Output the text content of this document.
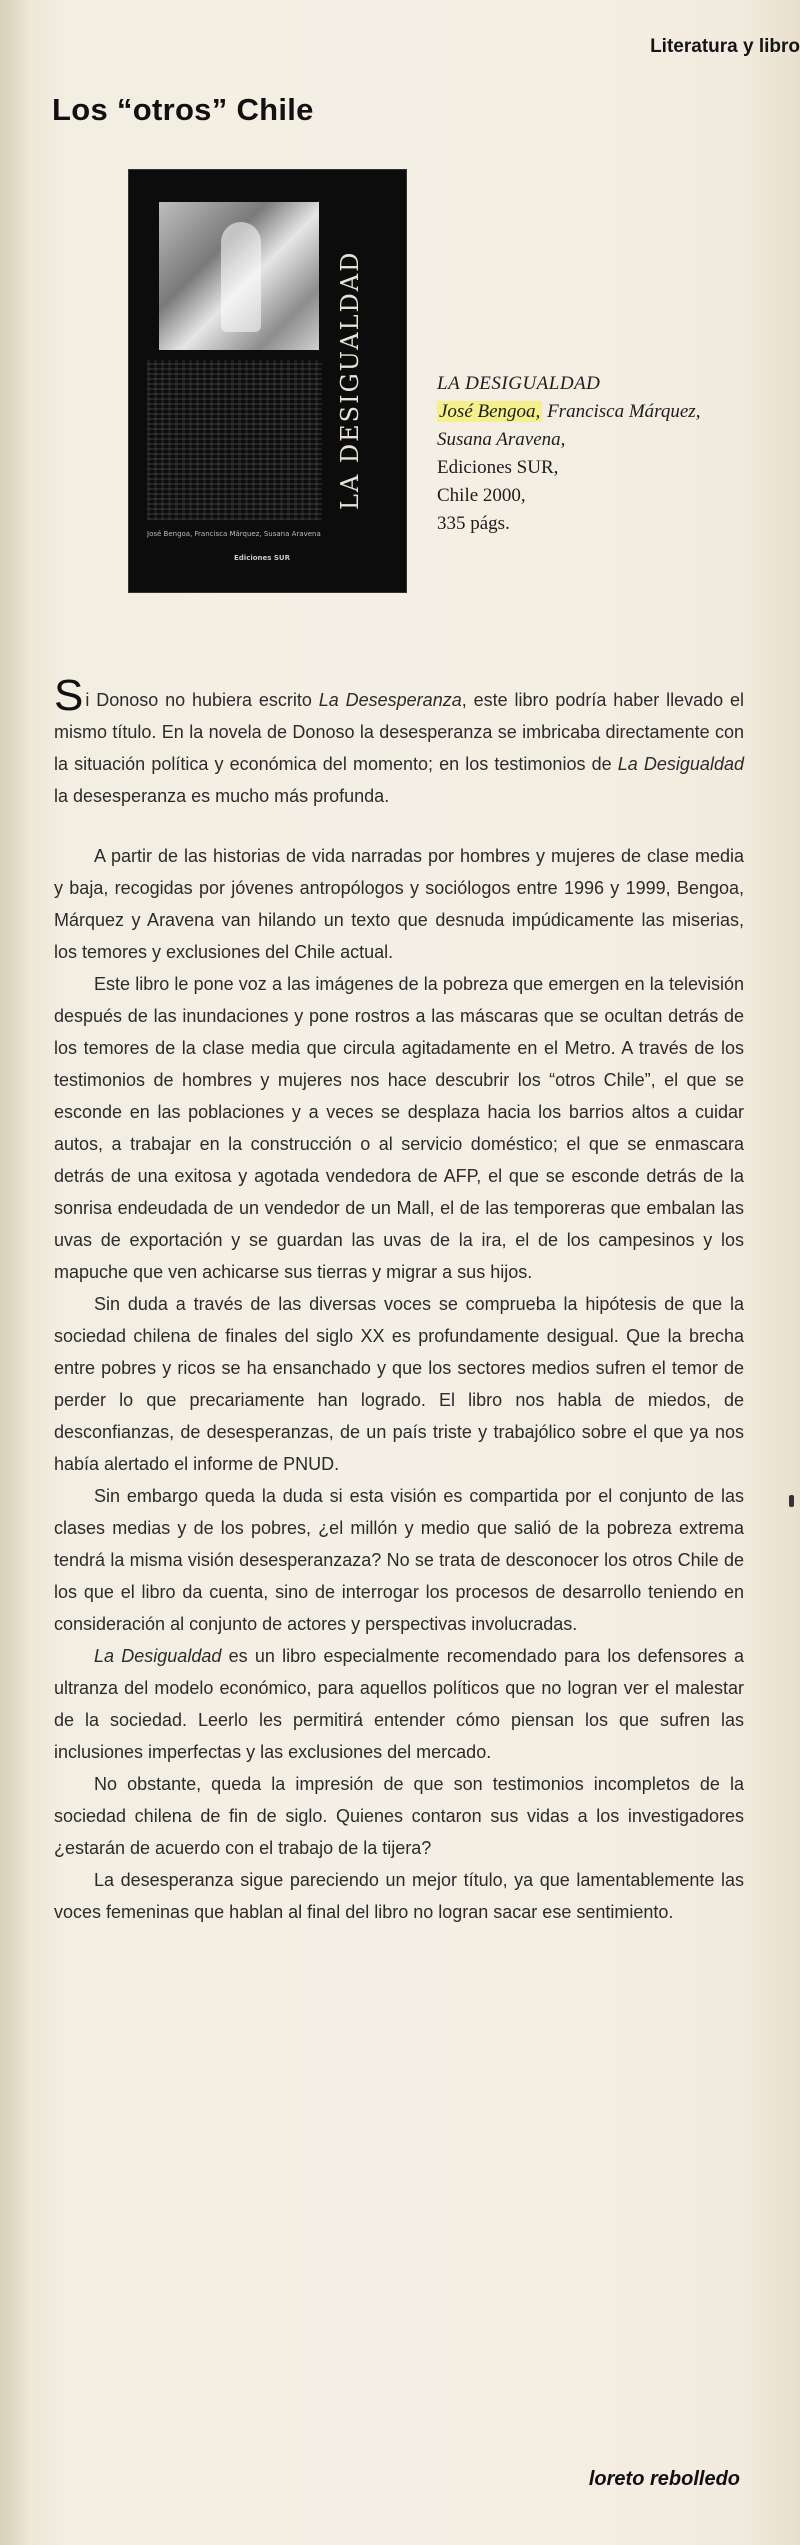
Literatura y libro
Los “otros” Chile
LA DESIGUALDAD
José Bengoa, Francisca Márquez, Susana Aravena
Ediciones SUR
LA DESIGUALDAD
José Bengoa, Francisca Márquez,
Susana Aravena,
Ediciones SUR,
Chile 2000,
335 págs.

Si Donoso no hubiera escrito La Desesperanza, este libro podría haber llevado el mismo título. En la novela de Donoso la desesperanza se imbricaba directamente con la situación política y económica del momento; en los testimonios de La Desigualdad la desesperanza es mucho más profunda.

A partir de las historias de vida narradas por hombres y mujeres de clase media y baja, recogidas por jóvenes antropólogos y sociólogos entre 1996 y 1999, Bengoa, Márquez y Aravena van hilando un texto que desnuda impúdicamente las miserias, los temores y exclusiones del Chile actual.

Este libro le pone voz a las imágenes de la pobreza que emergen en la televisión después de las inundaciones y pone rostros a las máscaras que se ocultan detrás de los temores de la clase media que circula agitadamente en el Metro. A través de los testimonios de hombres y mujeres nos hace descubrir los “otros Chile”, el que se esconde en las poblaciones y a veces se desplaza hacia los barrios altos a cuidar autos, a trabajar en la construcción o al servicio doméstico; el que se enmascara detrás de una exitosa y agotada vendedora de AFP, el que se esconde detrás de la sonrisa endeudada de un vendedor de un Mall, el de las temporeras que embalan las uvas de exportación y se guardan las uvas de la ira, el de los campesinos y los mapuche que ven achicarse sus tierras y migrar a sus hijos.

Sin duda a través de las diversas voces se comprueba la hipótesis de que la sociedad chilena de finales del siglo XX es profundamente desigual. Que la brecha entre pobres y ricos se ha ensanchado y que los sectores medios sufren el temor de perder lo que precariamente han logrado. El libro nos habla de miedos, de desconfianzas, de desesperanzas, de un país triste y trabajólico sobre el que ya nos había alertado el informe de PNUD.

Sin embargo queda la duda si esta visión es compartida por el conjunto de las clases medias y de los pobres, ¿el millón y medio que salió de la pobreza extrema tendrá la misma visión desesperanzaza? No se trata de desconocer los otros Chile de los que el libro da cuenta, sino de interrogar los procesos de desarrollo teniendo en consideración al conjunto de actores y perspectivas involucradas.

La Desigualdad es un libro especialmente recomendado para los defensores a ultranza del modelo económico, para aquellos políticos que no logran ver el malestar de la sociedad. Leerlo les permitirá entender cómo piensan los que sufren las inclusiones imperfectas y las exclusiones del mercado.

No obstante, queda la impresión de que son testimonios incompletos de la sociedad chilena de fin de siglo. Quienes contaron sus vidas a los investigadores ¿estarán de acuerdo con el trabajo de la tijera?

La desesperanza sigue pareciendo un mejor título, ya que lamentablemente las voces femeninas que hablan al final del libro no logran sacar ese sentimiento.

loreto rebolledo
